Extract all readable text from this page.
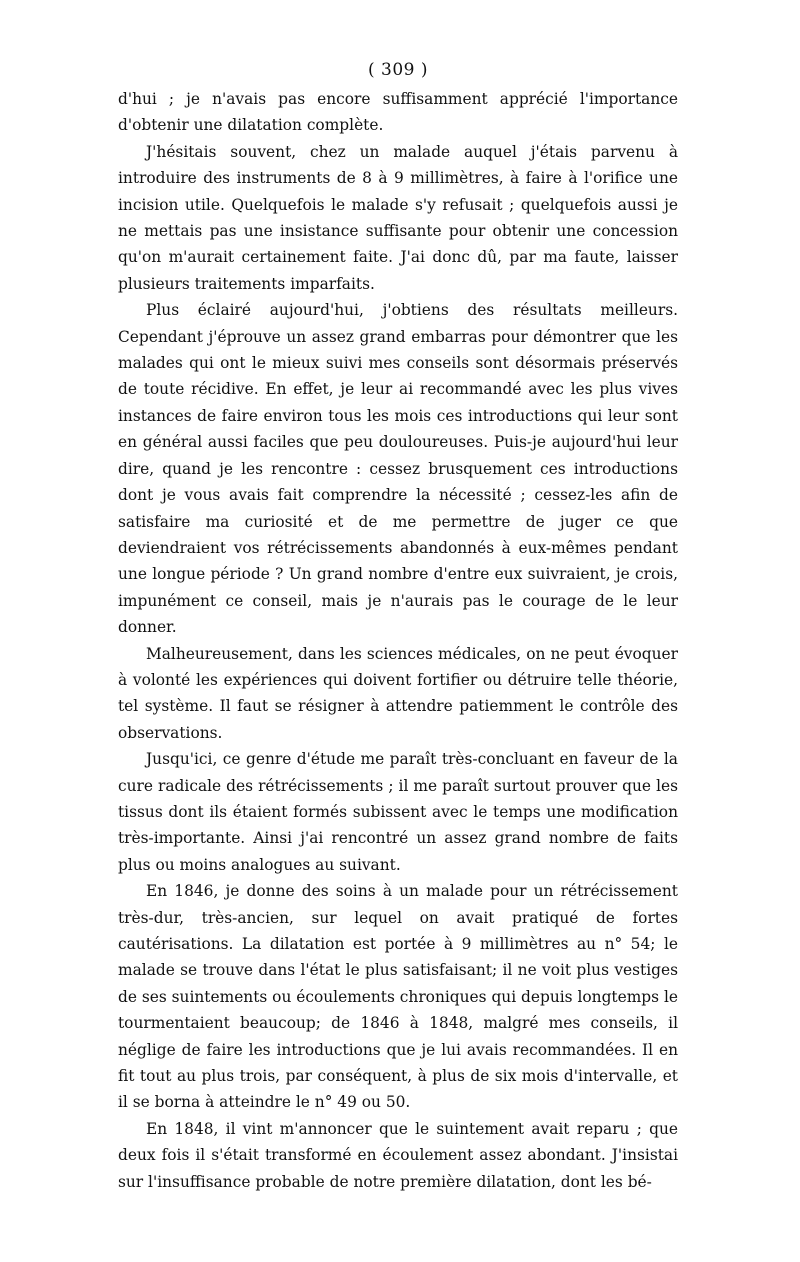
( 309 )

d'hui ; je n'avais pas encore suffisamment apprécié l'importance d'obtenir une dilatation complète.

J'hésitais souvent, chez un malade auquel j'étais parvenu à introduire des instruments de 8 à 9 millimètres, à faire à l'orifice une incision utile. Quelquefois le malade s'y refusait ; quelquefois aussi je ne mettais pas une insistance suffisante pour obtenir une concession qu'on m'aurait certainement faite. J'ai donc dû, par ma faute, laisser plusieurs traitements imparfaits.

Plus éclairé aujourd'hui, j'obtiens des résultats meilleurs. Cependant j'éprouve un assez grand embarras pour démontrer que les malades qui ont le mieux suivi mes conseils sont désormais préservés de toute récidive. En effet, je leur ai recommandé avec les plus vives instances de faire environ tous les mois ces introductions qui leur sont en général aussi faciles que peu douloureuses. Puis-je aujourd'hui leur dire, quand je les rencontre : cessez brusquement ces introductions dont je vous avais fait comprendre la nécessité ; cessez-les afin de satisfaire ma curiosité et de me permettre de juger ce que deviendraient vos rétrécissements abandonnés à eux-mêmes pendant une longue période ? Un grand nombre d'entre eux suivraient, je crois, impunément ce conseil, mais je n'aurais pas le courage de le leur donner.

Malheureusement, dans les sciences médicales, on ne peut évoquer à volonté les expériences qui doivent fortifier ou détruire telle théorie, tel système. Il faut se résigner à attendre patiemment le contrôle des observations.

Jusqu'ici, ce genre d'étude me paraît très-concluant en faveur de la cure radicale des rétrécissements ; il me paraît surtout prouver que les tissus dont ils étaient formés subissent avec le temps une modification très-importante. Ainsi j'ai rencontré un assez grand nombre de faits plus ou moins analogues au suivant.

En 1846, je donne des soins à un malade pour un rétrécissement très-dur, très-ancien, sur lequel on avait pratiqué de fortes cautérisations. La dilatation est portée à 9 millimètres au n° 54; le malade se trouve dans l'état le plus satisfaisant; il ne voit plus vestiges de ses suintements ou écoulements chroniques qui depuis longtemps le tourmentaient beaucoup; de 1846 à 1848, malgré mes conseils, il néglige de faire les introductions que je lui avais recommandées. Il en fit tout au plus trois, par conséquent, à plus de six mois d'intervalle, et il se borna à atteindre le n° 49 ou 50.

En 1848, il vint m'annoncer que le suintement avait reparu ; que deux fois il s'était transformé en écoulement assez abondant. J'insistai sur l'insuffisance probable de notre première dilatation, dont les bé-
